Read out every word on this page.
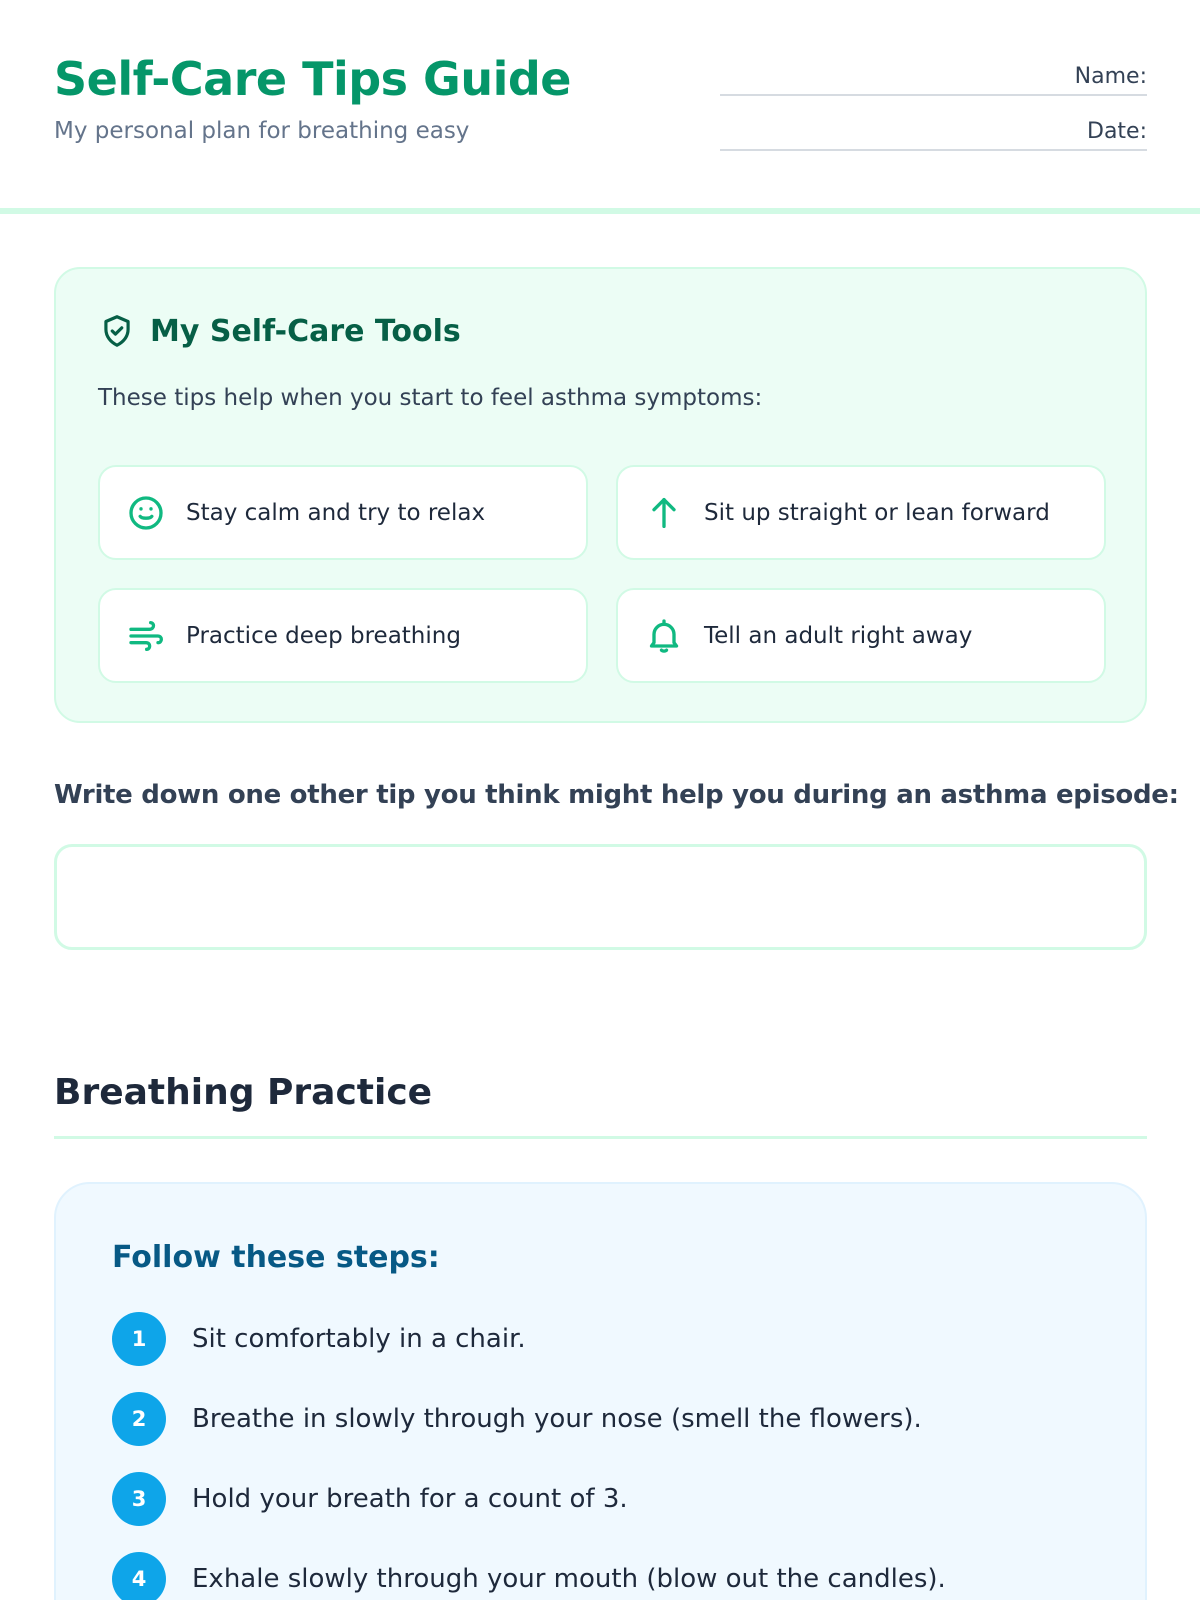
Self-Care Tips Guide
My personal plan for breathing easy
Name:
Date:
My Self-Care Tools
These tips help when you start to feel asthma symptoms:
Stay calm and try to relax	Sit up straight or lean forward
Practice deep breathing	Tell an adult right away
Write down one other tip you think might help you during an asthma episode:
Breathing Practice
Follow these steps:
1	Sit comfortably in a chair.
2	Breathe in slowly through your nose (smell the flowers).
3	Hold your breath for a count of 3.
4	Exhale slowly through your mouth (blow out the candles).
